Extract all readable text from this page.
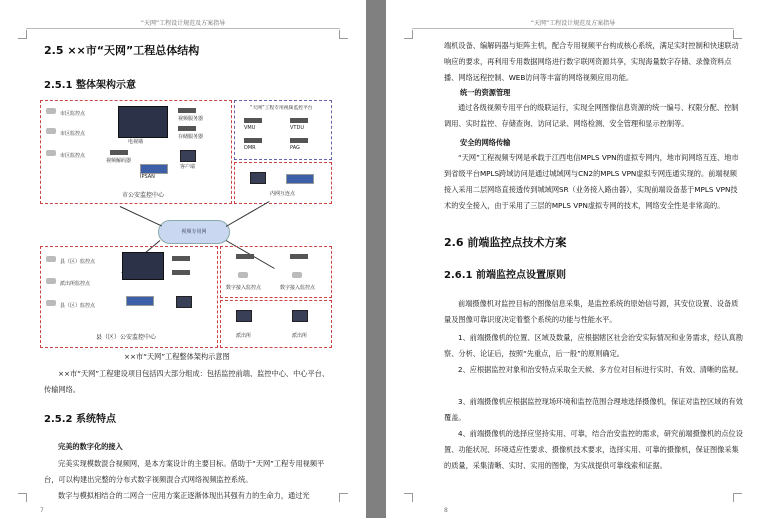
“天网”工程设计规范及方案指导
2.5 ××市“天网”工程总体结构
2.5.1 整体架构示意
“天网”工程专用视频监控平台
市区监控点
市区监控点
市区监控点
电视墙
视频服务器
存储服务器
视频解码器
客户端
IPSAN
市公安监控中心
VMU	VTDU
DMR	PAG
内网互连点
视频专用网
县（区）监控点
派出所监控点
县（区）监控点
县（区）公安监控中心
数字接入监控点	数字接入监控点
派出所	派出所
××市“天网”工程整体架构示意图
××市“天网”工程建设项目包括四大部分组成：包括监控前端、监控中心、中心平台、传输网络。
2.5.2 系统特点
完美的数字化的接入
完美实现模数混合视频网，是本方案设计的主要目标。借助于“天网”工程专用视频平台，可以构建出完整的分布式数字视频混合式网络视频监控系统。
数字与模拟相结合的二网合一应用方案正逐渐体现出其强有力的生命力，通过光
7
“天网”工程设计规范及方案指导
端机设备、编解码器与矩阵主机，配合专用视频平台构成核心系统，满足实时控制和快速联动响应的要求，再利用专用数据网络进行数字联网资源共享，实现海量数字存储、录像资料点播、网络远程控制、WEB访问等丰富的网络视频应用功能。
统一的资源管理
通过各级视频专用平台的级联运行，实现全网图像信息资源的统一编号、权限分配、控制调用、实时监控、存储查询、访问记录、网络检测、安全管理和显示控制等。
安全的网络传输
“天网”工程视频专网是承载于江西电信MPLS VPN的虚拟专网内，地市间网络互连、地市到省级平台MPLS跨域访问是通过城域网与CN2的MPLS VPN虚拟专网连通实现的。前端视频接入采用二层网络直接透传到城域网SR（业务接入路由器），实现前端设备基于MPLS VPN技术的安全接入，由于采用了三层的MPLS VPN虚拟专网的技术，网络安全性是非常高的。
2.6 前端监控点技术方案
2.6.1 前端监控点设置原则
前端摄像机对监控目标的图像信息采集，是监控系统的原始信号源，其安位设置、设备质量及图像可靠识度决定着整个系统的功能与性能水平。
1、前端摄像机的位置、区域及数量，应根据辖区社会治安实际情况和业务需求，经认真勘察、分析、论证后，按照“先重点，后一般”的原则确定。
2、应根据监控对象和治安特点采取全天候、多方位对目标进行实时、有效、清晰的监视。
3、前端摄像机应根据监控现场环境和监控范围合理地选择摄像机，保证对监控区域的有效覆盖。
4、前端摄像机的选择应坚持实用、可靠，结合治安监控的需求，研究前端摄像机的点位设置、功能状况、环境适应性要求、摄像机技术要求，选择实用、可靠的摄像机，保证图像采集的质量，采集清晰、实时、实用的图像，为实战提供可靠线索和证据。
8
